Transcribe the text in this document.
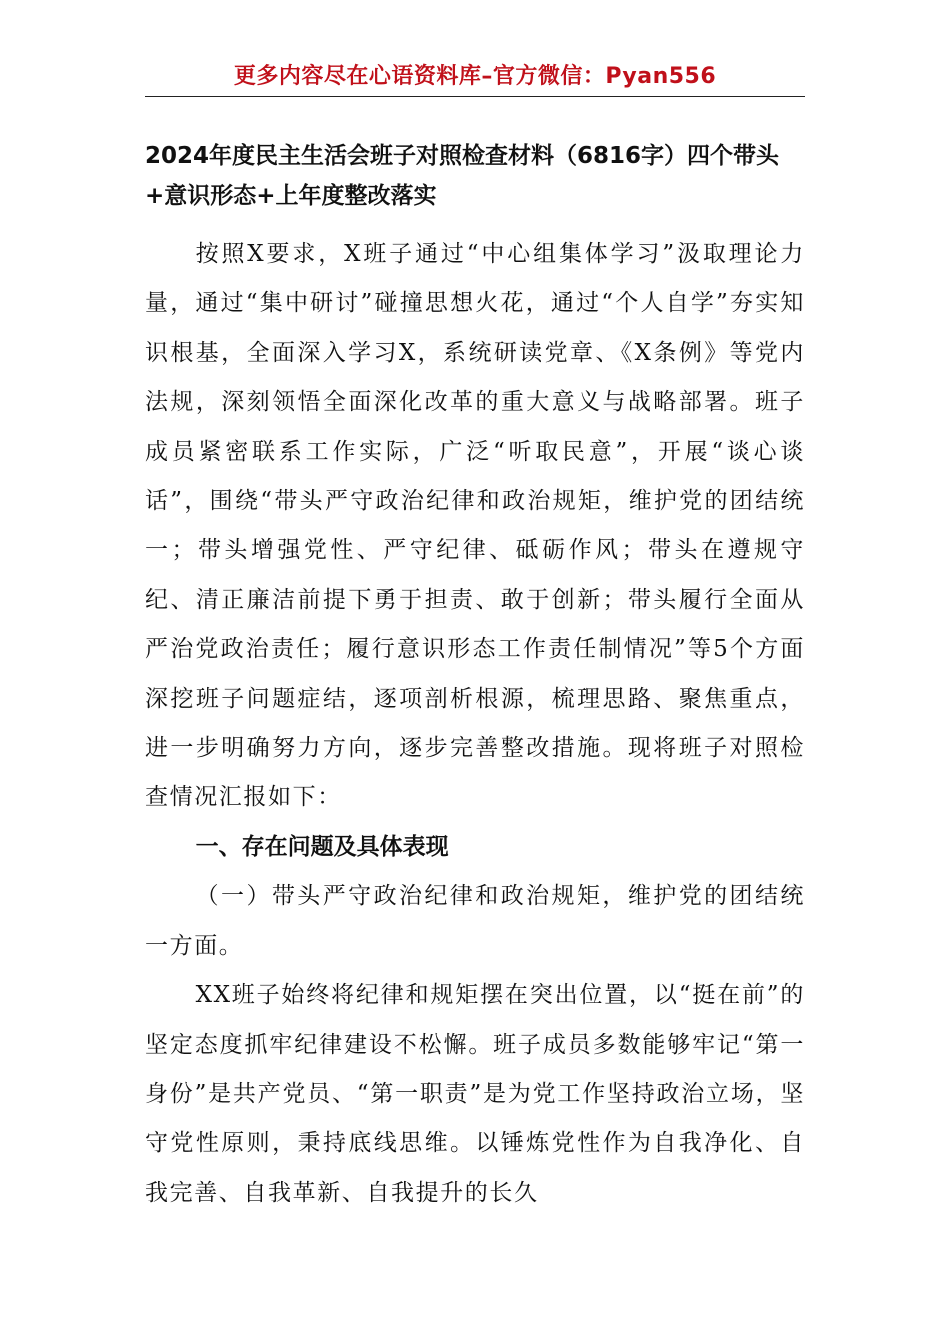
更多内容尽在心语资料库–官方微信：Pyan556
2024年度民主生活会班子对照检查材料（6816字）四个带头+意识形态+上年度整改落实

按照X要求，X班子通过“中心组集体学习”汲取理论力量，通过“集中研讨”碰撞思想火花，通过“个人自学”夯实知识根基，全面深入学习X，系统研读党章、《X条例》等党内法规，深刻领悟全面深化改革的重大意义与战略部署。班子成员紧密联系工作实际，广泛“听取民意”，开展“谈心谈话”，围绕“带头严守政治纪律和政治规矩，维护党的团结统一；带头增强党性、严守纪律、砥砺作风；带头在遵规守纪、清正廉洁前提下勇于担责、敢于创新；带头履行全面从严治党政治责任；履行意识形态工作责任制情况”等5个方面深挖班子问题症结，逐项剖析根源，梳理思路、聚焦重点，进一步明确努力方向，逐步完善整改措施。现将班子对照检查情况汇报如下：

一、存在问题及具体表现

（一）带头严守政治纪律和政治规矩，维护党的团结统一方面。

XX班子始终将纪律和规矩摆在突出位置，以“挺在前”的坚定态度抓牢纪律建设不松懈。班子成员多数能够牢记“第一身份”是共产党员、“第一职责”是为党工作坚持政治立场，坚守党性原则，秉持底线思维。以锤炼党性作为自我净化、自我完善、自我革新、自我提升的长久
